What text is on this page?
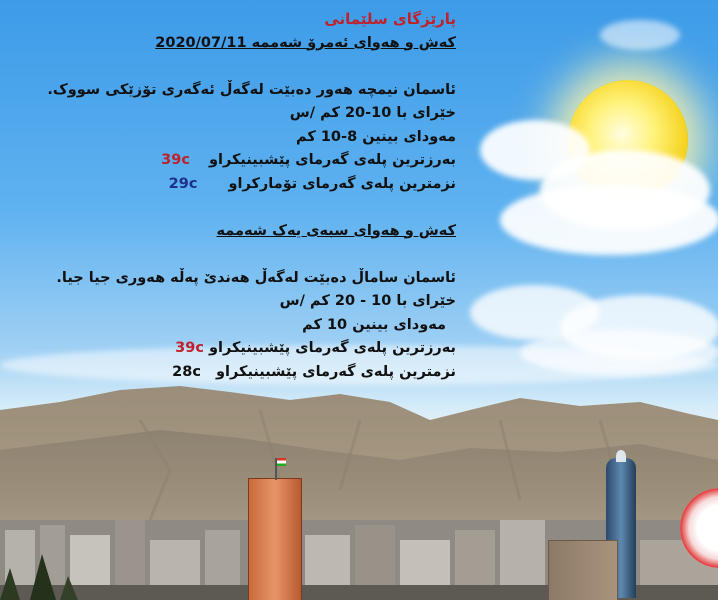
پارێزگای سلێمانی
کەش و هەوای ئەمرۆ شەممە 2020/07/11
ئاسمان نیمچە هەور دەبێت لەگەڵ ئەگەری تۆزێکی سووک.
خێرای با 10-20 کم /س
مەودای بینین 8-10 کم
بەرزترین پلەی گەرمای پێشبینیکراو 39c
نزمترین پلەی گەرمای تۆمارکراو 29c
کەش و هەوای سبەی یەک شەممە
ئاسمان ساماڵ دەبێت لەگەڵ هەندێ پەڵە هەوری جیا جیا.
خێرای با 10 - 20 کم /س
مەودای بینین 10 کم
بەرزترین پلەی گەرمای پێشبینیکراو 39c
نزمترین پلەی گەرمای پێشبینیکراو 28c
